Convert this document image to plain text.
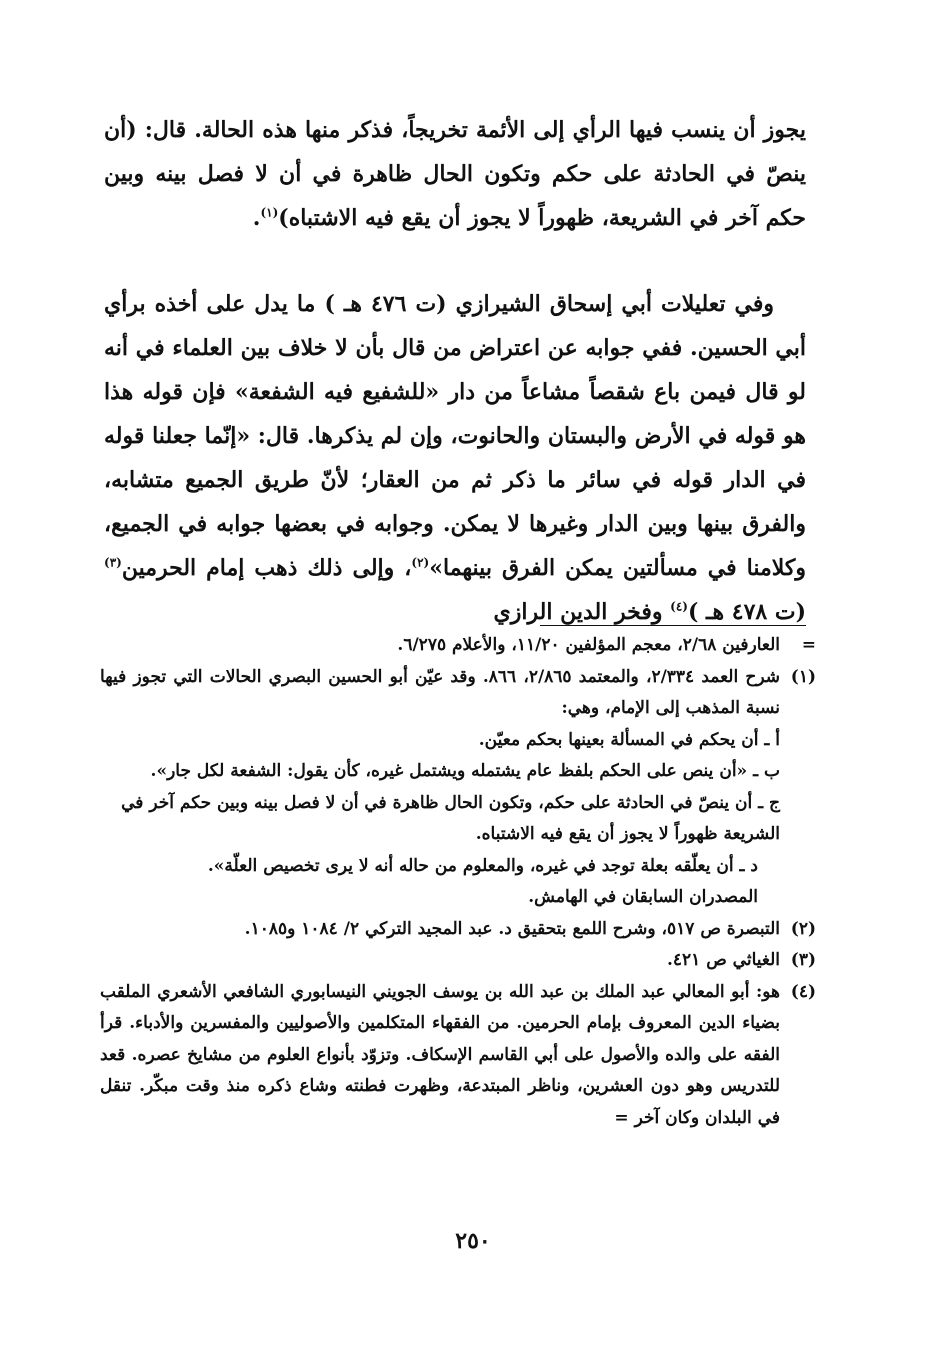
يجوز أن ينسب فيها الرأي إلى الأئمة تخريجاً، فذكر منها هذه الحالة. قال: (أن ينصّ في الحادثة على حكم وتكون الحال ظاهرة في أن لا فصل بينه وبين حكم آخر في الشريعة، ظهوراً لا يجوز أن يقع فيه الاشتباه)$^{(١)}$.

وفي تعليلات أبي إسحاق الشيرازي (ت ٤٧٦ هـ ) ما يدل على أخذه برأي أبي الحسين. ففي جوابه عن اعتراض من قال بأن لا خلاف بين العلماء في أنه لو قال فيمن باع شقصاً مشاعاً من دار «للشفيع فيه الشفعة» فإن قوله هذا هو قوله في الأرض والبستان والحانوت، وإن لم يذكرها. قال: «إنّما جعلنا قوله في الدار قوله في سائر ما ذكر ثم من العقار؛ لأنّ طريق الجميع متشابه، والفرق بينها وبين الدار وغيرها لا يمكن. وجوابه في بعضها جوابه في الجميع، وكلامنا في مسألتين يمكن الفرق بينهما»$^{(٢)}$، وإلى ذلك ذهب إمام الحرمين$^{(٣)}$ (ت ٤٧٨ هـ )$^{(٤)}$ وفخر الدين الرازي

=
العارفين ٢/٦٨، معجم المؤلفين ١١/٢٠، والأعلام ٦/٢٧٥.
(١)
شرح العمد ٢/٣٣٤، والمعتمد ٢/٨٦٥، ٨٦٦. وقد عيّن أبو الحسين البصري الحالات التي تجوز فيها نسبة المذهب إلى الإمام، وهي:
أ ـ أن يحكم في المسألة بعينها بحكم معيّن.
ب ـ «أن ينص على الحكم بلفظ عام يشتمله ويشتمل غيره، كأن يقول: الشفعة لكل جار».
ج ـ أن ينصّ في الحادثة على حكم، وتكون الحال ظاهرة في أن لا فصل بينه وبين حكم آخر في الشريعة ظهوراً لا يجوز أن يقع فيه الاشتباه.
د ـ أن يعلّقه بعلة توجد في غيره، والمعلوم من حاله أنه لا يرى تخصيص العلّة».
المصدران السابقان في الهامش.
(٢)
التبصرة ص ٥١٧، وشرح اللمع بتحقيق د. عبد المجيد التركي ٢/ ١٠٨٤ و١٠٨٥.
(٣)
الغياثي ص ٤٢١.
(٤)
هو: أبو المعالي عبد الملك بن عبد الله بن يوسف الجويني النيسابوري الشافعي الأشعري الملقب بضياء الدين المعروف بإمام الحرمين. من الفقهاء المتكلمين والأصوليين والمفسرين والأدباء. قرأ الفقه على والده والأصول على أبي القاسم الإسكاف. وتزوّد بأنواع العلوم من مشايخ عصره. قعد للتدريس وهو دون العشرين، وناظر المبتدعة، وظهرت فطنته وشاع ذكره منذ وقت مبكّر. تنقل في البلدان وكان آخر =
٢٥٠
